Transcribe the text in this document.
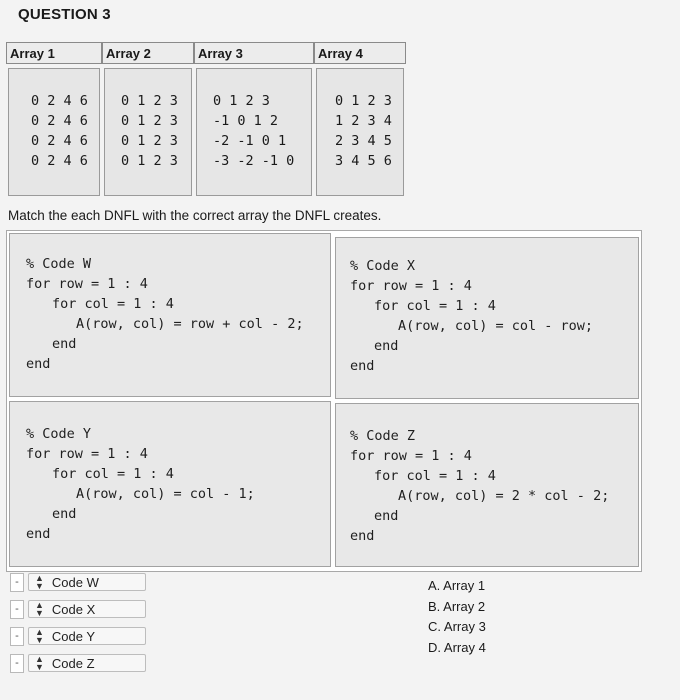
QUESTION 3
Array 1
0 2 4 6
0 2 4 6
0 2 4 6
0 2 4 6
Array 2
0 1 2 3
0 1 2 3
0 1 2 3
0 1 2 3
Array 3
0 1 2 3
-1 0 1 2
-2 -1 0 1
-3 -2 -1 0
Array 4
0 1 2 3
1 2 3 4
2 3 4 5
3 4 5 6
Match the each DNFL with the correct array the DNFL creates.
% Code W
for row = 1 : 4
for col = 1 : 4
A(row, col) = row + col - 2;
end
end
% Code X
for row = 1 : 4
for col = 1 : 4
A(row, col) = col - row;
end
end
% Code Y
for row = 1 : 4
for col = 1 : 4
A(row, col) = col - 1;
end
end
% Code Z
for row = 1 : 4
for col = 1 : 4
A(row, col) = 2 * col - 2;
end
end
-	▲
▼ Code W
-	▲
▼ Code X
-	▲
▼ Code Y
-	▲
▼ Code Z
A. Array 1
B. Array 2
C. Array 3
D. Array 4
